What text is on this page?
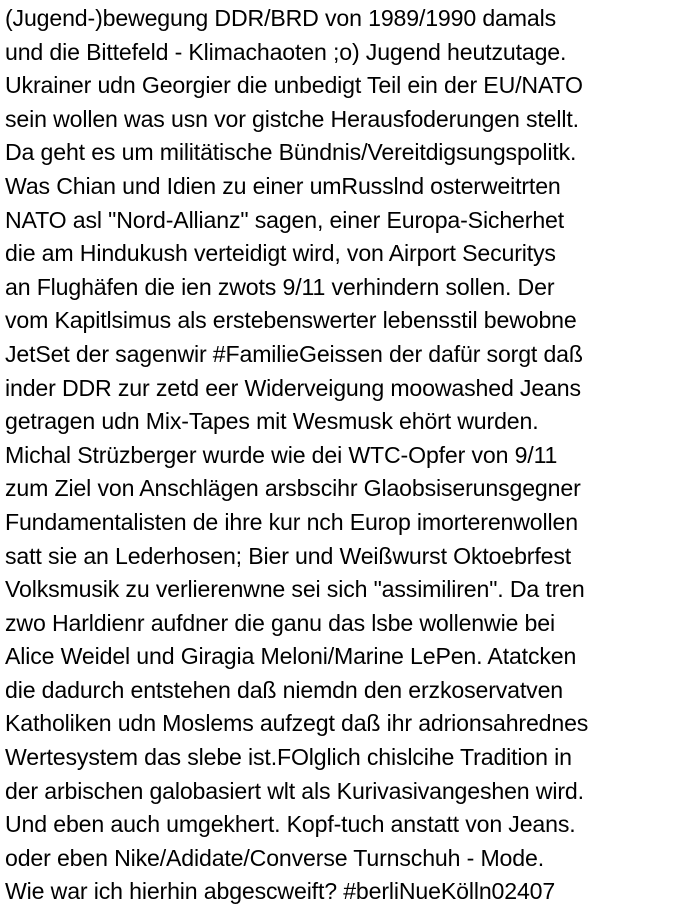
(Jugend-)bewegung DDR/BRD von 1989/1990 damals
und die Bittefeld - Klimachaoten ;o) Jugend heutzutage.
Ukrainer udn Georgier die unbedigt Teil ein der EU/NATO
sein wollen was usn vor gistche Herausfoderungen stellt.
Da geht es um militätische Bündnis/Vereitdigsungspolitk.
Was Chian und Idien zu einer umRusslnd osterweitrten
NATO asl "Nord-Allianz" sagen, einer Europa-Sicherhet
die am Hindukush verteidigt wird, von Airport Securitys
an Flughäfen die ien zwots 9/11 verhindern sollen. Der
vom Kapitlsimus als erstebenswerter lebensstil bewobne
JetSet der sagenwir #FamilieGeissen der dafür sorgt daß
inder DDR zur zetd eer Widerveigung moowashed Jeans
getragen udn Mix-Tapes mit Wesmusk ehört wurden.
Michal Strüzberger wurde wie dei WTC-Opfer von 9/11
zum Ziel von Anschlägen arsbscihr Glaobsiserunsgegner
Fundamentalisten de ihre kur nch Europ imorterenwollen
satt sie an Lederhosen; Bier und Weißwurst Oktoebrfest
Volksmusik zu verlierenwne sei sich "assimiliren". Da tren
zwo Harldienr aufdner die ganu das lsbe wollenwie bei
Alice Weidel und Giragia Meloni/Marine LePen. Atatcken
die dadurch entstehen daß niemdn den erzkoservatven
Katholiken udn Moslems aufzegt daß ihr adrionsahrednes
Wertesystem das slebe ist.FOlglich chislcihe Tradition in
der arbischen galobasiert wlt als Kurivasivangeshen wird.
Und eben auch umgekhert. Kopf-tuch anstatt von Jeans.
oder eben Nike/Adidate/Converse Turnschuh - Mode.
Wie war ich hierhin abgescweift? #berliNueKölln02407
